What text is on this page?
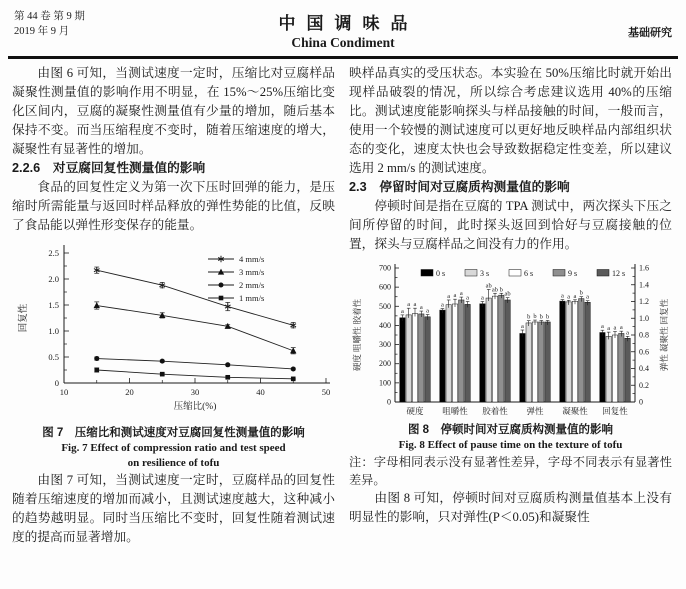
第 44 卷 第 9 期
2019 年 9 月	中国调味品
China Condiment
基础研究

由图 6 可知，当测试速度一定时，压缩比对豆腐样品凝聚性测量值的影响作用不明显，在 15%～25%压缩比变化区间内，豆腐的凝聚性测量值有少量的增加，随后基本保持不变。而当压缩程度不变时，随着压缩速度的增大，凝聚性有显著性的增加。

2.2.6　对豆腐回复性测量值的影响

食品的回复性定义为第一次下压时回弹的能力，是压缩时所需能量与返回时样品释放的弹性势能的比值，反映了食品能以弹性形变保存的能量。

0
0.5
1.0
1.5
2.0
2.5
10	20	30	40	50
压缩比(%)
回复性
4 mm/s
3 mm/s
2 mm/s
1 mm/s
图 7　压缩比和测试速度对豆腐回复性测量值的影响
Fig. 7 Effect of compression ratio and test speed
on resilience of tofu

由图 7 可知，当测试速度一定时，豆腐样品的回复性随着压缩速度的增加而减小，且测试速度越大，这种减小的趋势越明显。同时当压缩比不变时，回复性随着测试速度的提高而显著增加。

映样品真实的受压状态。本实验在 50%压缩比时就开始出现样品破裂的情况，所以综合考虑建议选用 40%的压缩比。测试速度能影响探头与样品接触的时间，一般而言，使用一个较慢的测试速度可以更好地反映样品内部组织状态的变化，速度太快也会导致数据稳定性变差，所以建议选用 2 mm/s 的测试速度。

2.3　停留时间对豆腐质构测量值的影响

停顿时间是指在豆腐的 TPA 测试中，两次探头下压之间所停留的时间，此时探头返回到恰好与豆腐接触的位置，探头与豆腐样品之间没有力的作用。

0
100
200
300
400
500
600
700
0
0.2
0.4
0.6
0.8
1.0
1.2
1.4
1.6
硬度 咀嚼性 胶着性	弹性 凝聚性 回复性
硬度
a
a a a a
咀嚼性
a
a a a
a
胶着性
a
ab
ab b
ab
弹性
a
b b b b
凝聚性
a a a b
a
回复性
a a a a
a
0 s	3 s	6 s	9 s	12 s
图 8　停顿时间对豆腐质构测量值的影响
Fig. 8 Effect of pause time on the texture of tofu

注：字母相同表示没有显著性差异，字母不同表示有显著性差异。

由图 8 可知，停顿时间对豆腐质构测量值基本上没有明显性的影响，只对弹性(P＜0.05)和凝聚性
